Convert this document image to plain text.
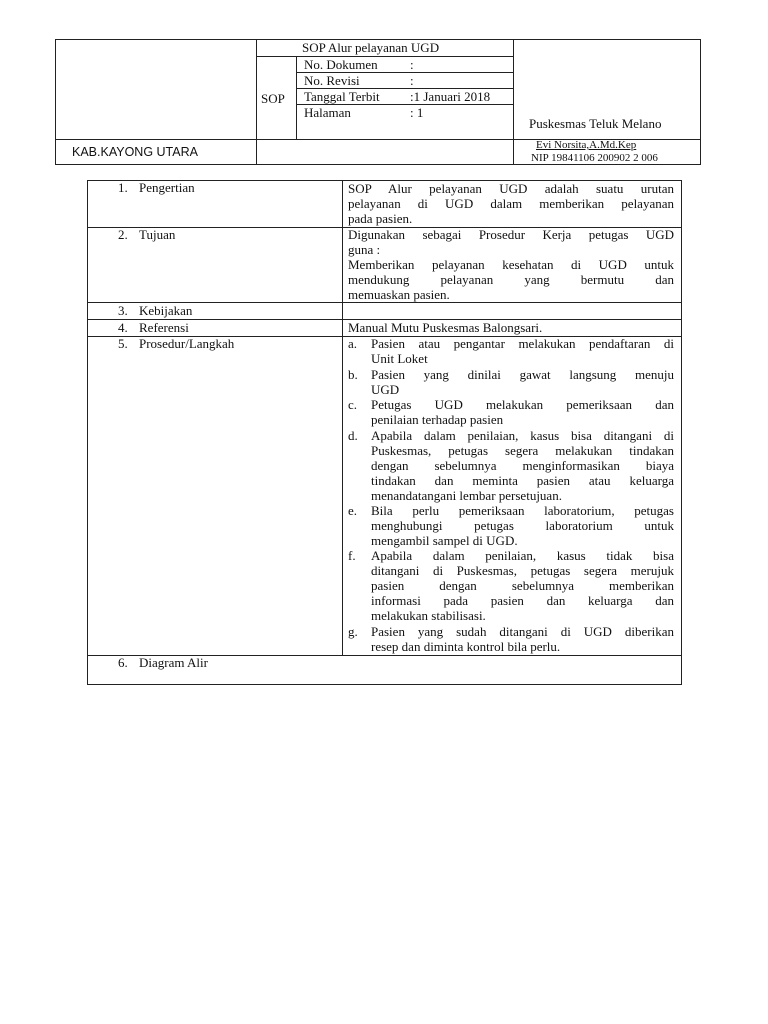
SOP Alur pelayanan UGD
SOP
No. Dokumen :
No. Revisi	:
Tanggal Terbit :1 Januari 2018
Halaman	: 1
Puskesmas Teluk Melano
KAB.KAYONG UTARA	Evi Norsita,A.Md.Kep
NIP 19841106 200902 2 006
1. Pengertian	SOP Alur pelayanan UGD adalah suatu urutan
pelayanan di UGD dalam memberikan pelayanan
pada pasien.
2. Tujuan	Digunakan sebagai Prosedur Kerja petugas UGD
guna :
Memberikan pelayanan kesehatan di UGD untuk
mendukung pelayanan yang bermutu dan
memuaskan pasien.
3. Kebijakan
4. Referensi	Manual Mutu Puskesmas Balongsari.
5. Prosedur/Langkah	a. Pasien atau pengantar melakukan pendaftaran di
Unit Loket
b. Pasien yang dinilai gawat langsung menuju
UGD
c. Petugas UGD melakukan pemeriksaan dan
penilaian terhadap pasien
d. Apabila dalam penilaian, kasus bisa ditangani di
Puskesmas, petugas segera melakukan tindakan
dengan sebelumnya menginformasikan biaya
tindakan dan meminta pasien atau keluarga
menandatangani lembar persetujuan.
e. Bila perlu pemeriksaan laboratorium, petugas
menghubungi petugas laboratorium untuk
mengambil sampel di UGD.
f. Apabila dalam penilaian, kasus tidak bisa
ditangani di Puskesmas, petugas segera merujuk
pasien dengan sebelumnya memberikan
informasi pada pasien dan keluarga dan
melakukan stabilisasi.
g. Pasien yang sudah ditangani di UGD diberikan
resep dan diminta kontrol bila perlu.
6. Diagram Alir
